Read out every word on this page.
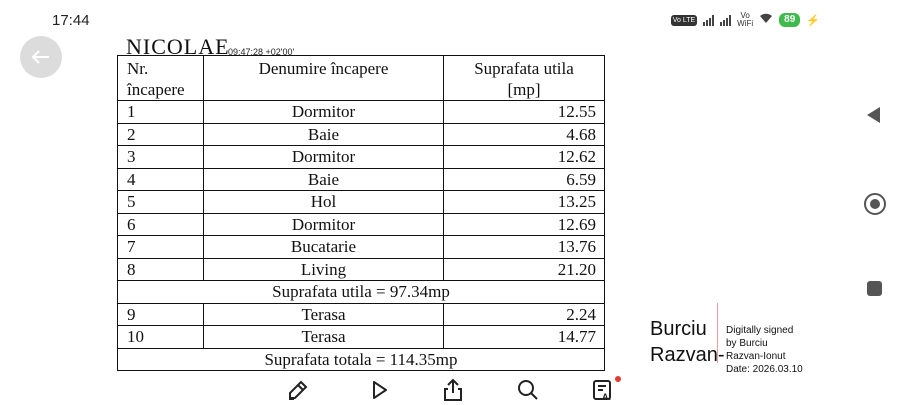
17:44	Vo LTE	Vo
WiFi	89	⚡
NICOLAE
09:47:28 +02'00'
Nr.
încapere	Denumire încapere	Suprafata utila
[mp]
1	Dormitor	12.55
2	Baie	4.68
3	Dormitor	12.62
4	Baie	6.59
5	Hol	13.25
6	Dormitor	12.69
7	Bucatarie	13.76
8	Living	21.20
Suprafata utila = 97.34mp		
9	Terasa	2.24
10	Terasa	14.77
Suprafata totala = 114.35mp		
Burciu
Razvan-
Digitally signed
by Burciu
Razvan-Ionut
Date: 2026.03.10
AI
